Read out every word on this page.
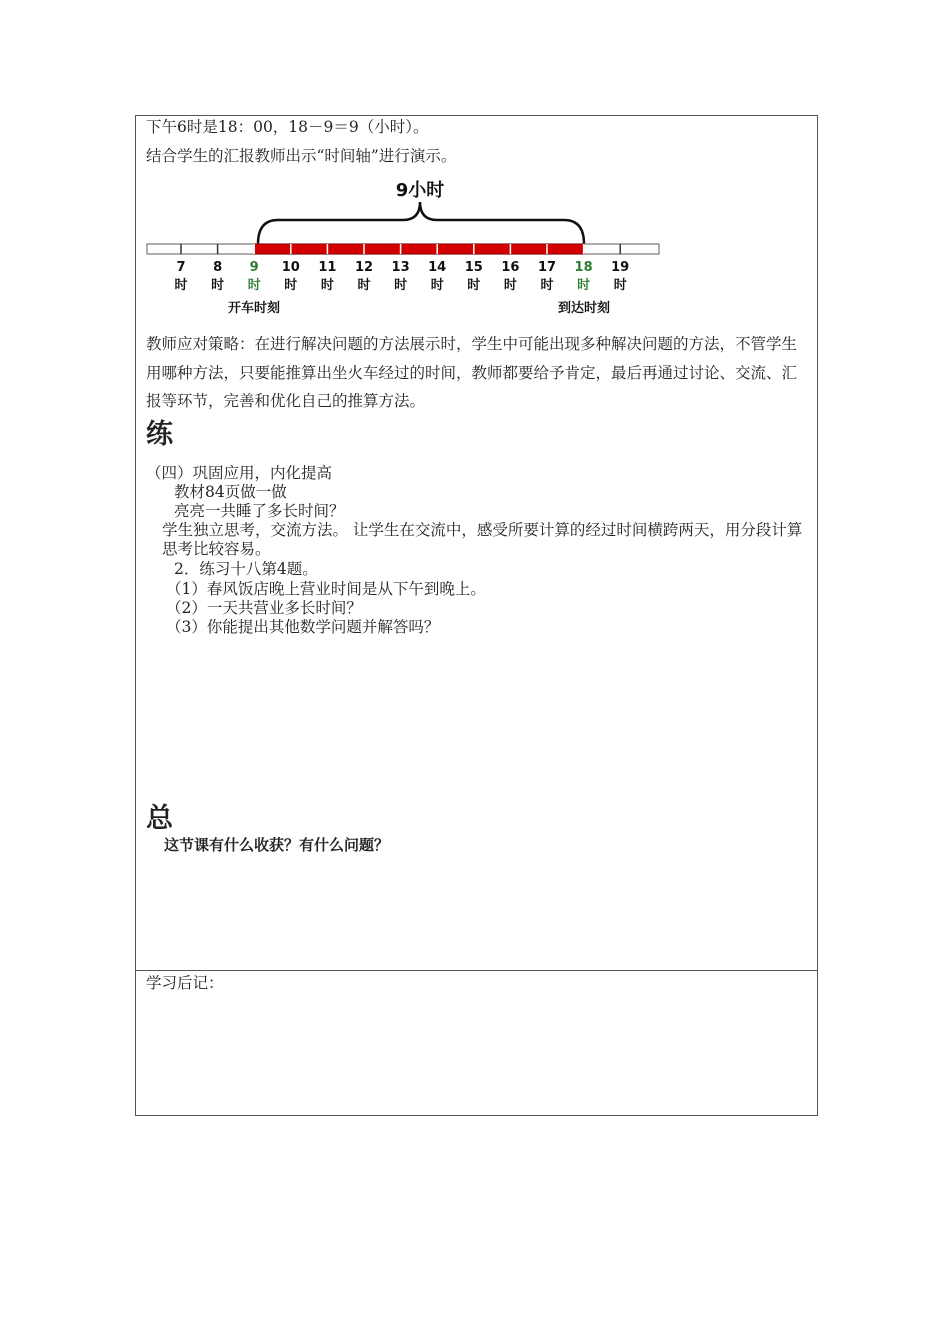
下午6时是18：00，18－9＝9（小时）。
结合学生的汇报教师出示“时间轴”进行演示。
9小时
7
时
8
时
9
时
10
时
11
时
12
时
13
时
14
时
15
时
16
时
17
时
18
时
19
时
开车时刻	到达时刻
教师应对策略：在进行解决问题的方法展示时，学生中可能出现多种解决问题的方法，不管学生用哪种方法，只要能推算出坐火车经过的时间，教师都要给予肯定，最后再通过讨论、交流、汇报等环节，完善和优化自己的推算方法。
练
（四）巩固应用，内化提高
教材84页做一做
亮亮一共睡了多长时间？
学生独立思考，交流方法。 让学生在交流中，感受所要计算的经过时间横跨两天，用分段计算思考比较容易。
2．练习十八第4题。
（1）春风饭店晚上营业时间是从下午到晚上。
（2）一天共营业多长时间？
（3）你能提出其他数学问题并解答吗？
总
这节课有什么收获？有什么问题？
学习后记：
